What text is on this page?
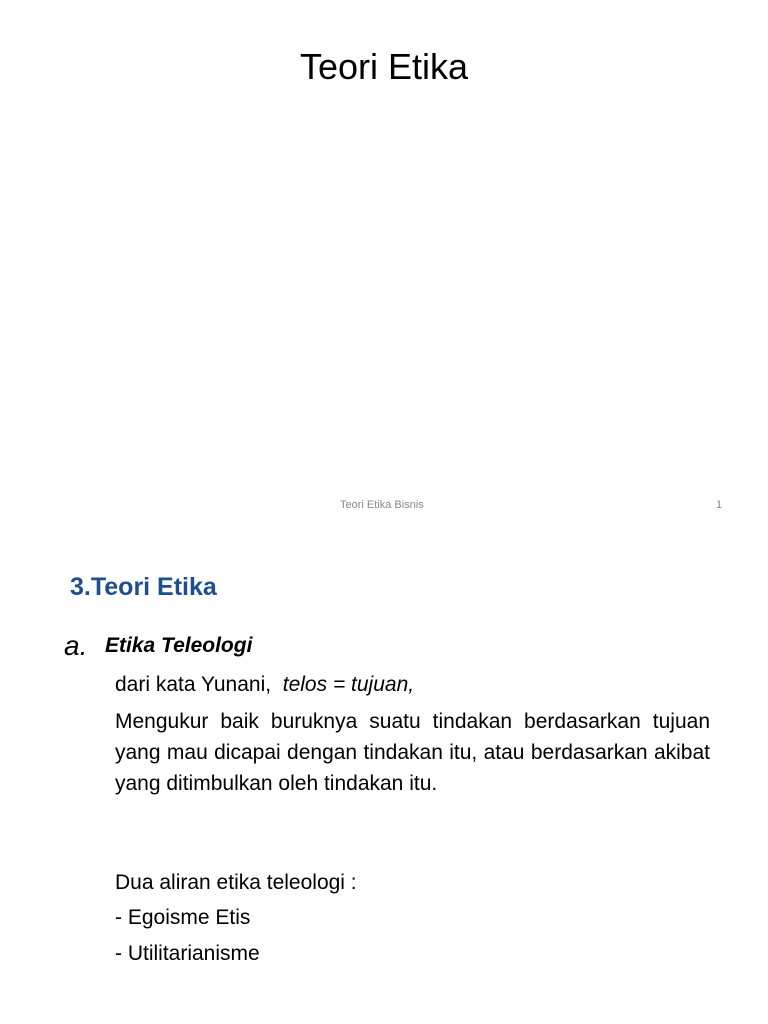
Teori Etika
Teori Etika Bisnis	1
3.Teori Etika
a. Etika Teleologi
dari kata Yunani, telos = tujuan,
Mengukur baik buruknya suatu tindakan berdasarkan tujuan yang mau dicapai dengan tindakan itu, atau berdasarkan akibat yang ditimbulkan oleh tindakan itu.
Dua aliran etika teleologi :
- Egoisme Etis
- Utilitarianisme
